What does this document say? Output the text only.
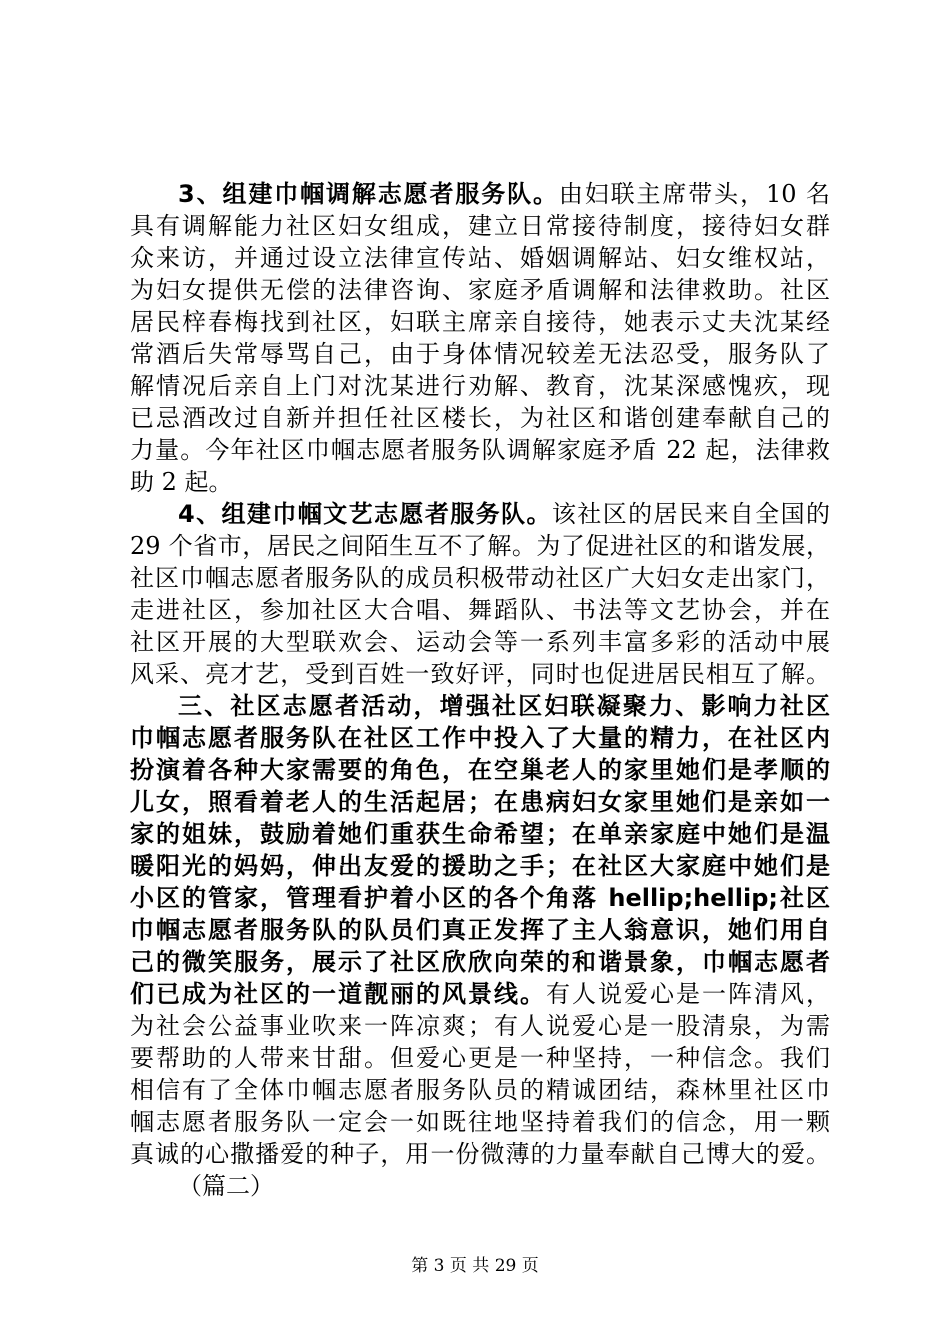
3、组建巾帼调解志愿者服务队。由妇联主席带头，10 名
具有调解能力社区妇女组成，建立日常接待制度，接待妇女群
众来访，并通过设立法律宣传站、婚姻调解站、妇女维权站，
为妇女提供无偿的法律咨询、家庭矛盾调解和法律救助。社区
居民梓春梅找到社区，妇联主席亲自接待，她表示丈夫沈某经
常酒后失常辱骂自己，由于身体情况较差无法忍受，服务队了
解情况后亲自上门对沈某进行劝解、教育，沈某深感愧疚，现
已忌酒改过自新并担任社区楼长，为社区和谐创建奉献自己的
力量。今年社区巾帼志愿者服务队调解家庭矛盾 22 起，法律救
助 2 起。
4、组建巾帼文艺志愿者服务队。该社区的居民来自全国的
29 个省市，居民之间陌生互不了解。为了促进社区的和谐发展，
社区巾帼志愿者服务队的成员积极带动社区广大妇女走出家门，
走进社区，参加社区大合唱、舞蹈队、书法等文艺协会，并在
社区开展的大型联欢会、运动会等一系列丰富多彩的活动中展
风采、亮才艺，受到百姓一致好评，同时也促进居民相互了解。
三、社区志愿者活动，增强社区妇联凝聚力、影响力社区
巾帼志愿者服务队在社区工作中投入了大量的精力，在社区内
扮演着各种大家需要的角色，在空巢老人的家里她们是孝顺的
儿女，照看着老人的生活起居；在患病妇女家里她们是亲如一
家的姐妹，鼓励着她们重获生命希望；在单亲家庭中她们是温
暖阳光的妈妈，伸出友爱的援助之手；在社区大家庭中她们是
小区的管家，管理看护着小区的各个角落 hellip;hellip;社区
巾帼志愿者服务队的队员们真正发挥了主人翁意识，她们用自
己的微笑服务，展示了社区欣欣向荣的和谐景象，巾帼志愿者
们已成为社区的一道靓丽的风景线。有人说爱心是一阵清风，
为社会公益事业吹来一阵凉爽；有人说爱心是一股清泉，为需
要帮助的人带来甘甜。但爱心更是一种坚持，一种信念。我们
相信有了全体巾帼志愿者服务队员的精诚团结，森林里社区巾
帼志愿者服务队一定会一如既往地坚持着我们的信念，用一颗
真诚的心撒播爱的种子，用一份微薄的力量奉献自己博大的爱。
（篇二）
第 3 页 共 29 页
